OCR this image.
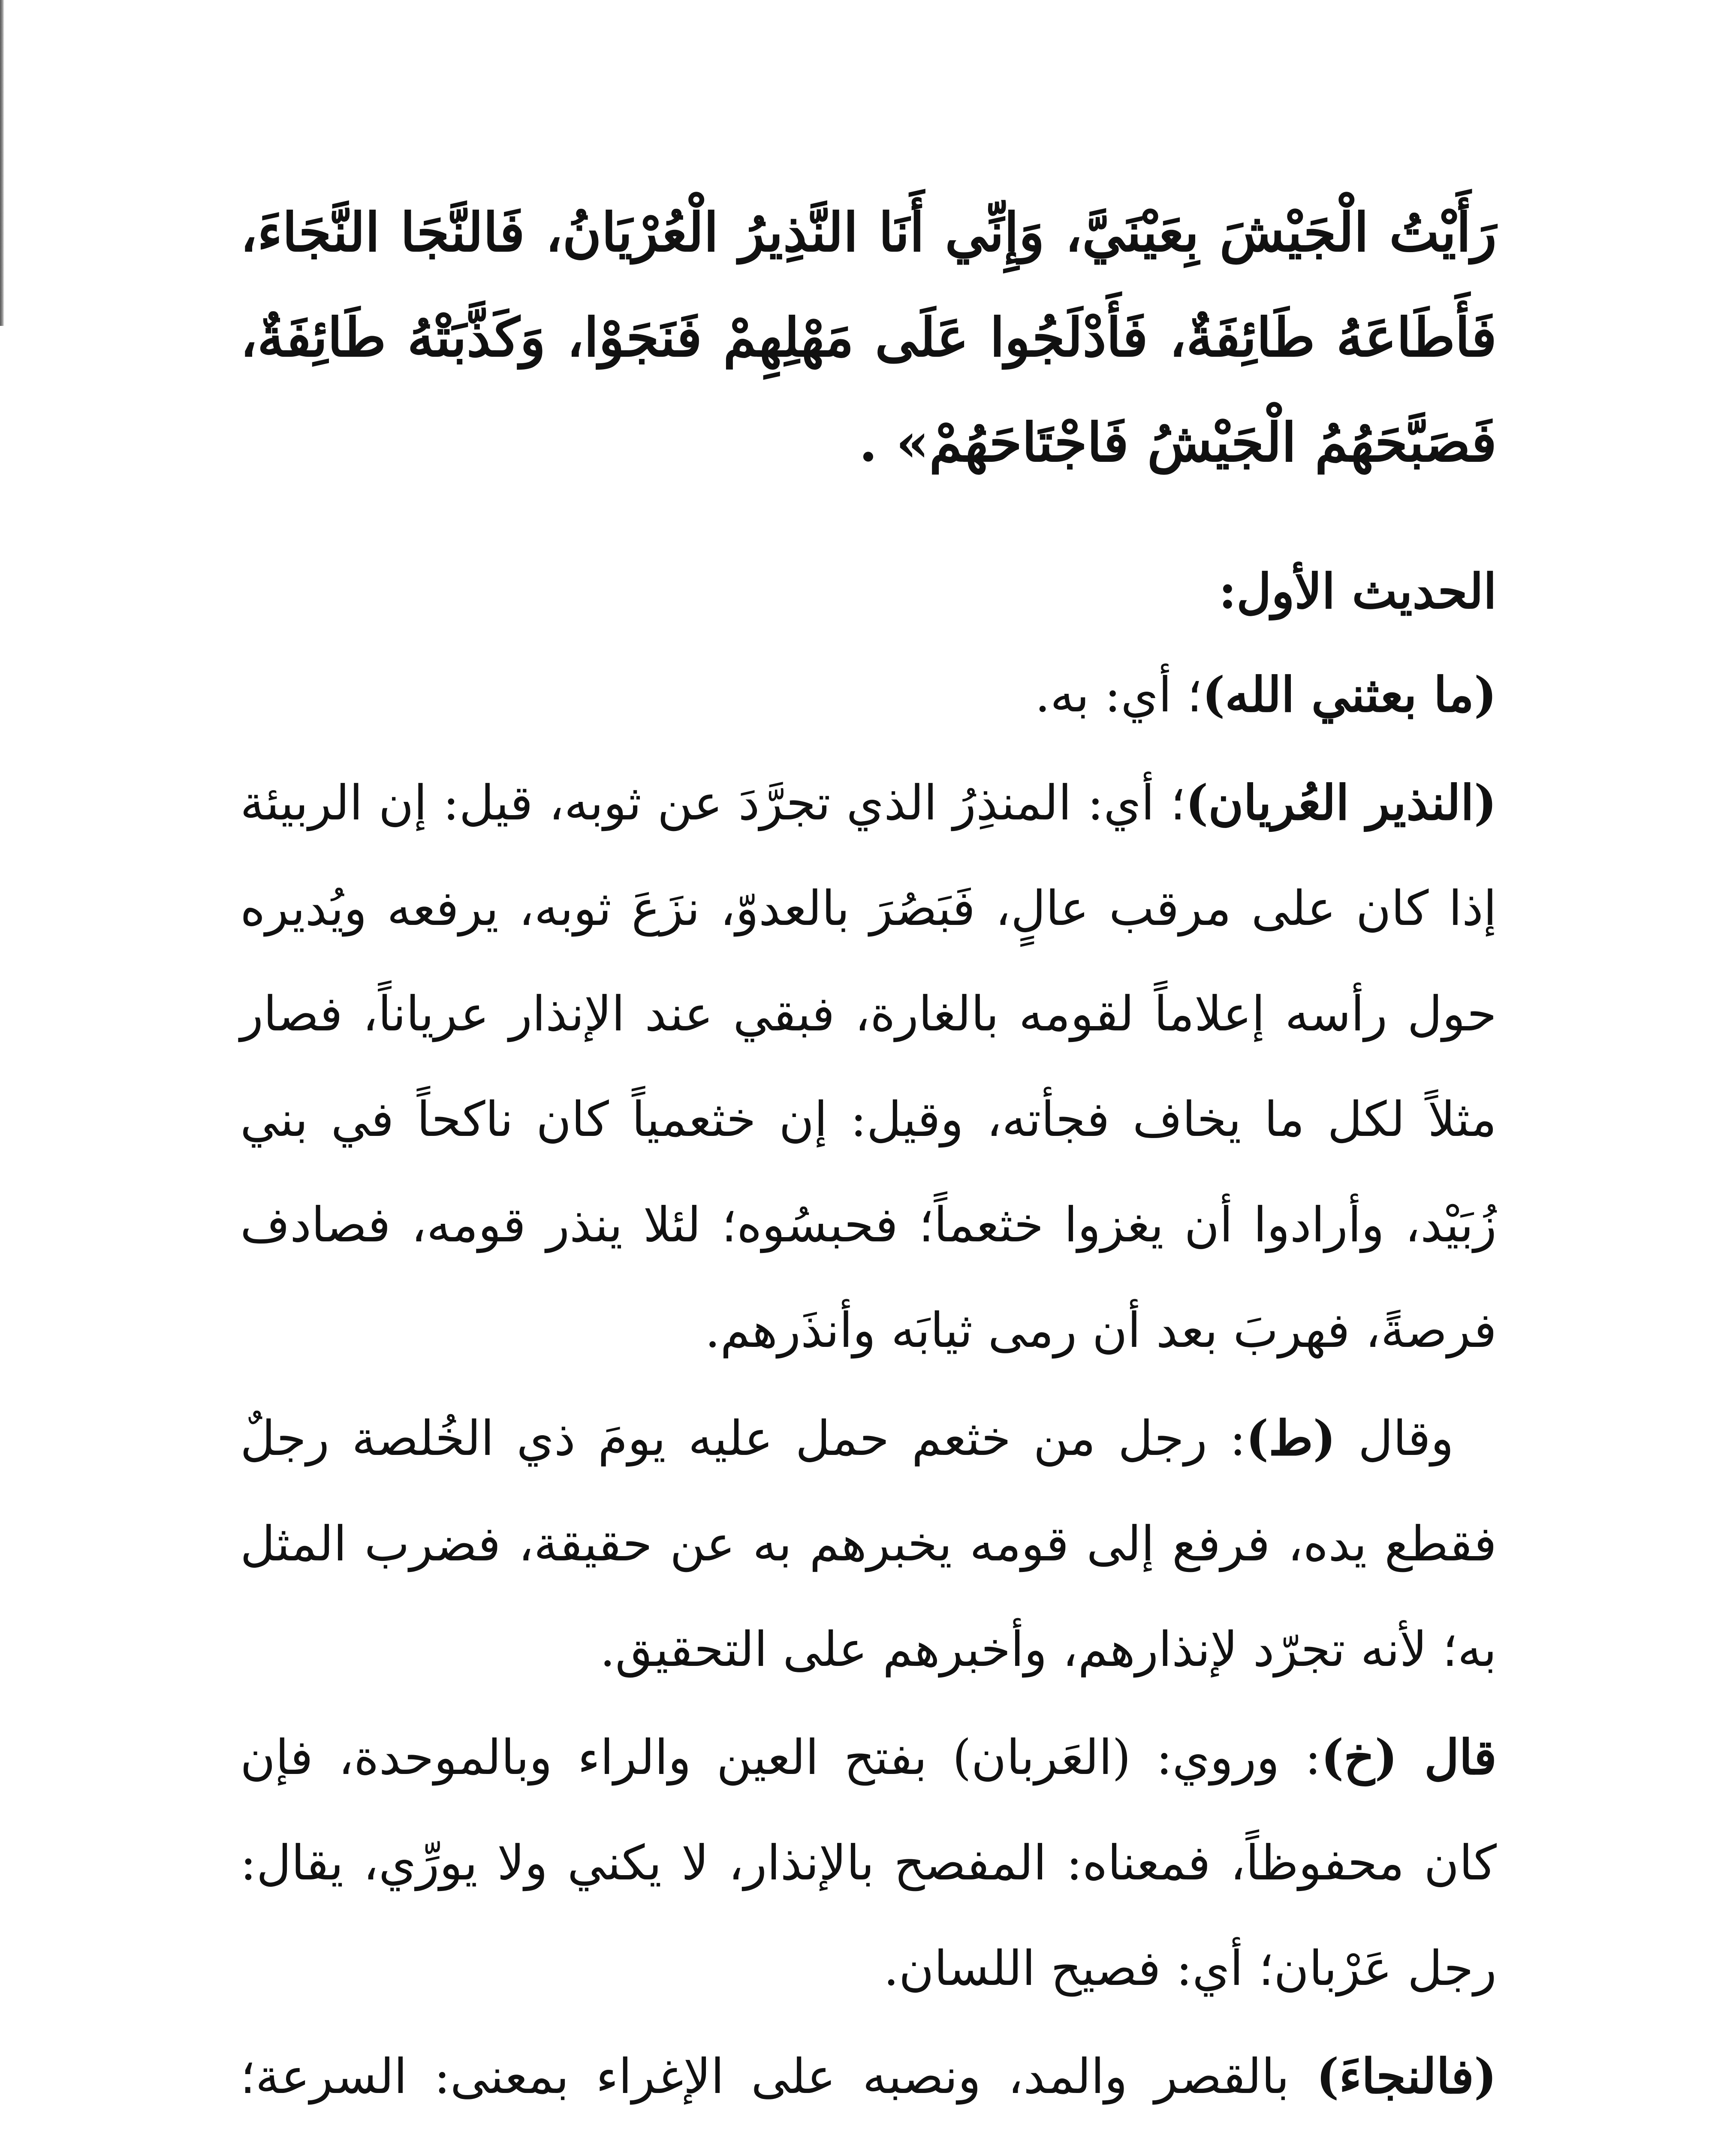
رَأَيْتُ الْجَيْشَ بِعَيْنَيَّ، وَإِنِّي أَنَا النَّذِيرُ الْعُرْيَانُ، فَالنَّجَا النَّجَاءَ، فَأَطَاعَهُ طَائِفَةٌ، فَأَدْلَجُوا عَلَى مَهْلِهِمْ فَنَجَوْا، وَكَذَّبَتْهُ طَائِفَةٌ، فَصَبَّحَهُمُ الْجَيْشُ فَاجْتَاحَهُمْ» .

الحديث الأول:

(ما بعثني الله)؛ أي: به.

(النذير العُريان)؛ أي: المنذِرُ الذي تجرَّدَ عن ثوبه، قيل: إن الربيئة إذا كان على مرقب عالٍ، فَبَصُرَ بالعدوّ، نزَعَ ثوبه، يرفعه ويُديره حول رأسه إعلاماً لقومه بالغارة، فبقي عند الإنذار عرياناً، فصار مثلاً لكل ما يخاف فجأته، وقيل: إن خثعمياً كان ناكحاً في بني زُبَيْد، وأرادوا أن يغزوا خثعماً؛ فحبسُوه؛ لئلا ينذر قومه، فصادف فرصةً، فهربَ بعد أن رمى ثيابَه وأنذَرهم.

وقال (ط): رجل من خثعم حمل عليه يومَ ذي الخُلصة رجلٌ فقطع يده، فرفع إلى قومه يخبرهم به عن حقيقة، فضرب المثل به؛ لأنه تجرّد لإنذارهم، وأخبرهم على التحقيق.

قال (خ): وروي: (العَربان) بفتح العين والراء وبالموحدة، فإن كان محفوظاً، فمعناه: المفصح بالإنذار، لا يكني ولا يورِّي، يقال: رجل عَرْبان؛ أي: فصيح اللسان.

(فالنجاءَ) بالقصر والمد، ونصبه على الإغراء بمعنى: السرعة؛
